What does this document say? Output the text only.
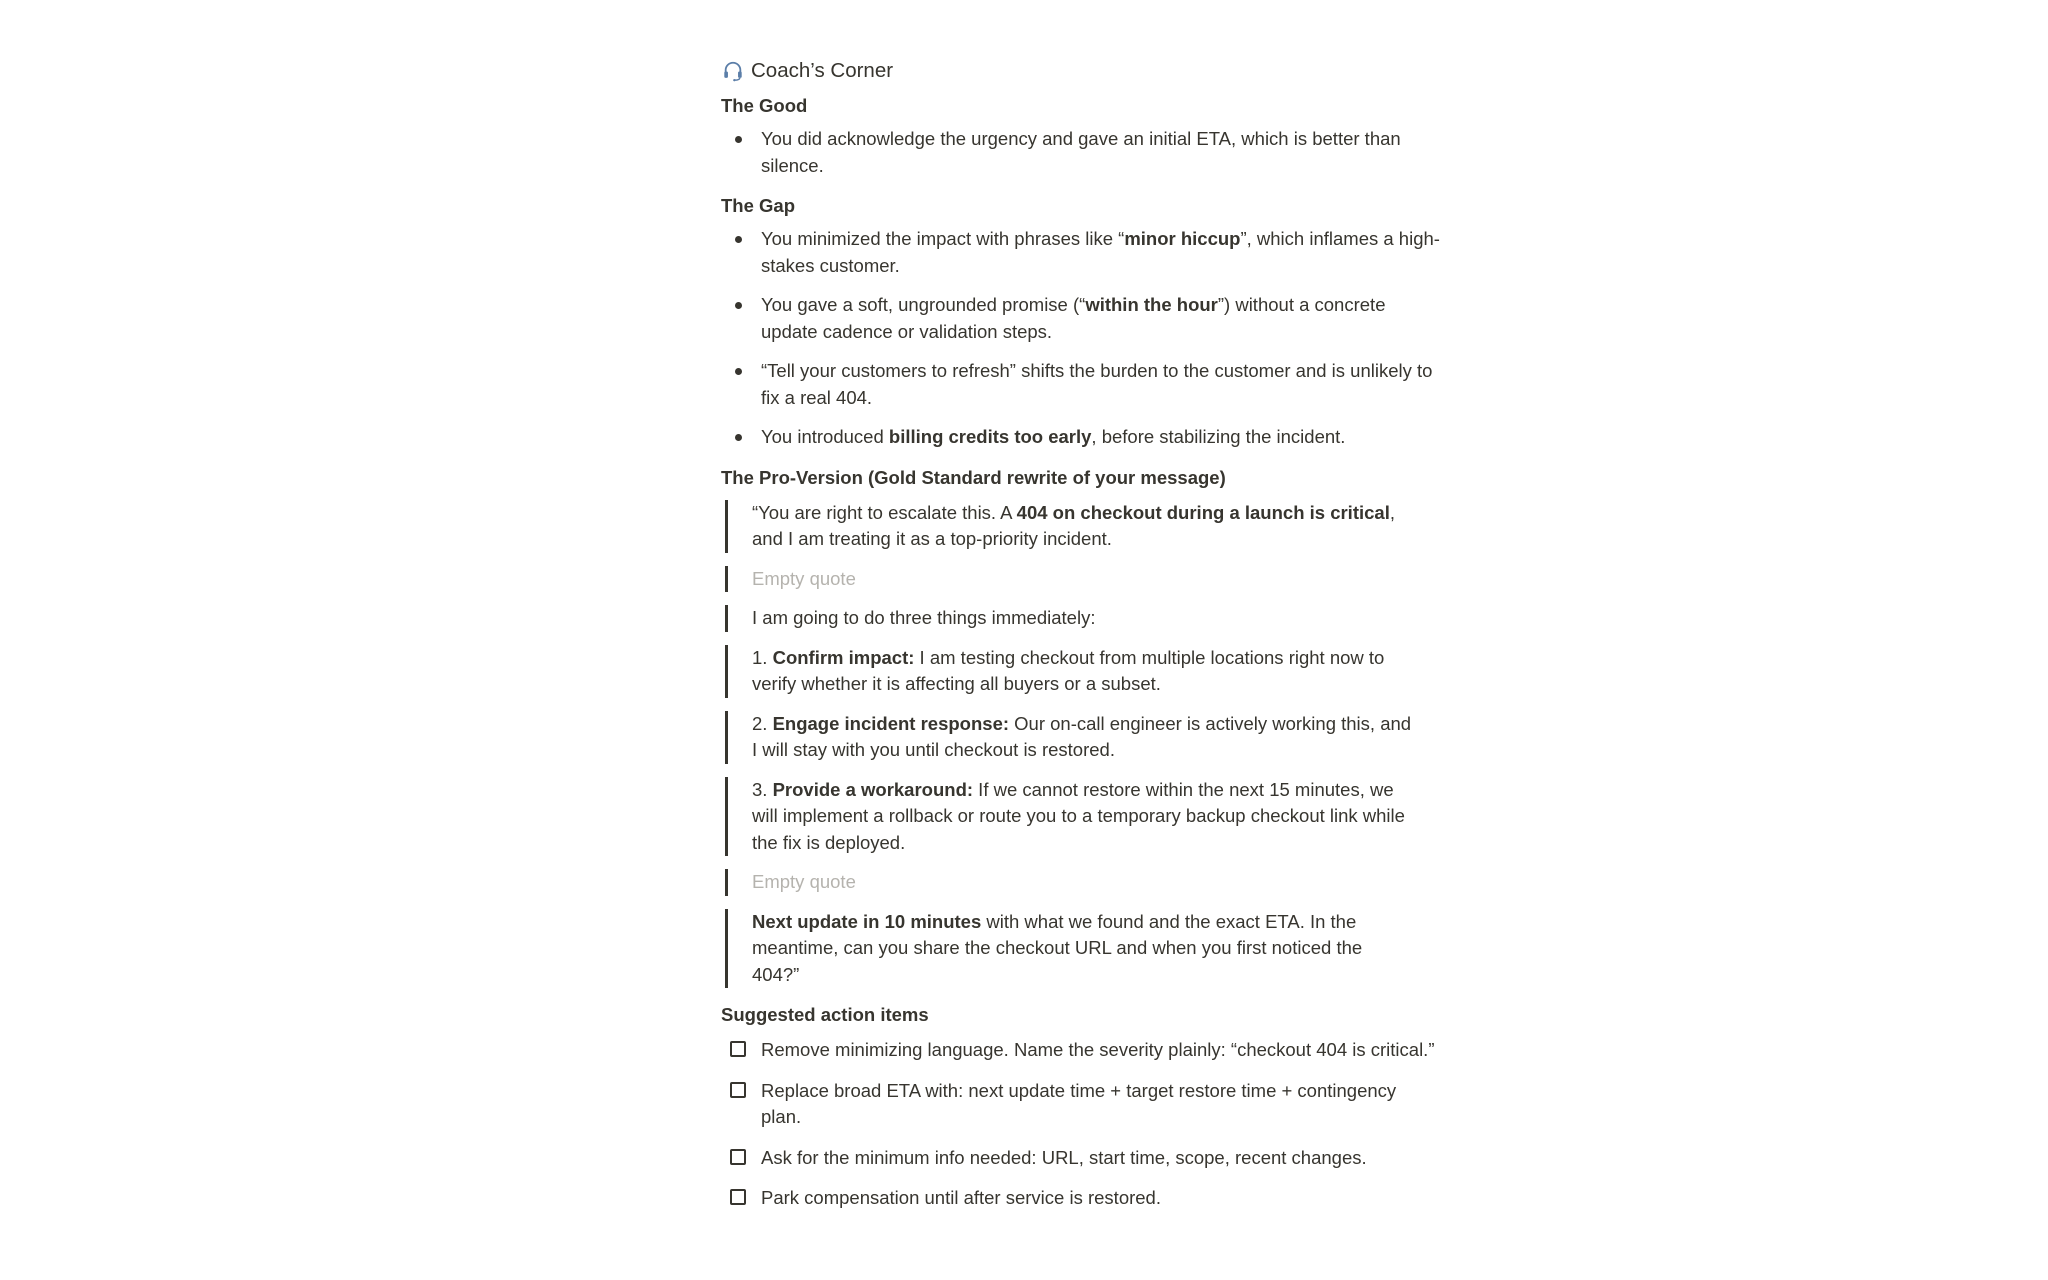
Coach’s Corner
The Good
You did acknowledge the urgency and gave an initial ETA, which is better than silence.
The Gap
You minimized the impact with phrases like “minor hiccup”, which inflames a high-stakes customer.
You gave a soft, ungrounded promise (“within the hour”) without a concrete update cadence or validation steps.
“Tell your customers to refresh” shifts the burden to the customer and is unlikely to fix a real 404.
You introduced billing credits too early, before stabilizing the incident.
The Pro-Version (Gold Standard rewrite of your message)
“You are right to escalate this. A 404 on checkout during a launch is critical, and I am treating it as a top-priority incident.
Empty quote
I am going to do three things immediately:
1. Confirm impact: I am testing checkout from multiple locations right now to verify whether it is affecting all buyers or a subset.
2. Engage incident response: Our on-call engineer is actively working this, and I will stay with you until checkout is restored.
3. Provide a workaround: If we cannot restore within the next 15 minutes, we will implement a rollback or route you to a temporary backup checkout link while the fix is deployed.
Empty quote
Next update in 10 minutes with what we found and the exact ETA. In the meantime, can you share the checkout URL and when you first noticed the 404?”
Suggested action items
Remove minimizing language. Name the severity plainly: “checkout 404 is critical.”
Replace broad ETA with: next update time + target restore time + contingency plan.
Ask for the minimum info needed: URL, start time, scope, recent changes.
Park compensation until after service is restored.
